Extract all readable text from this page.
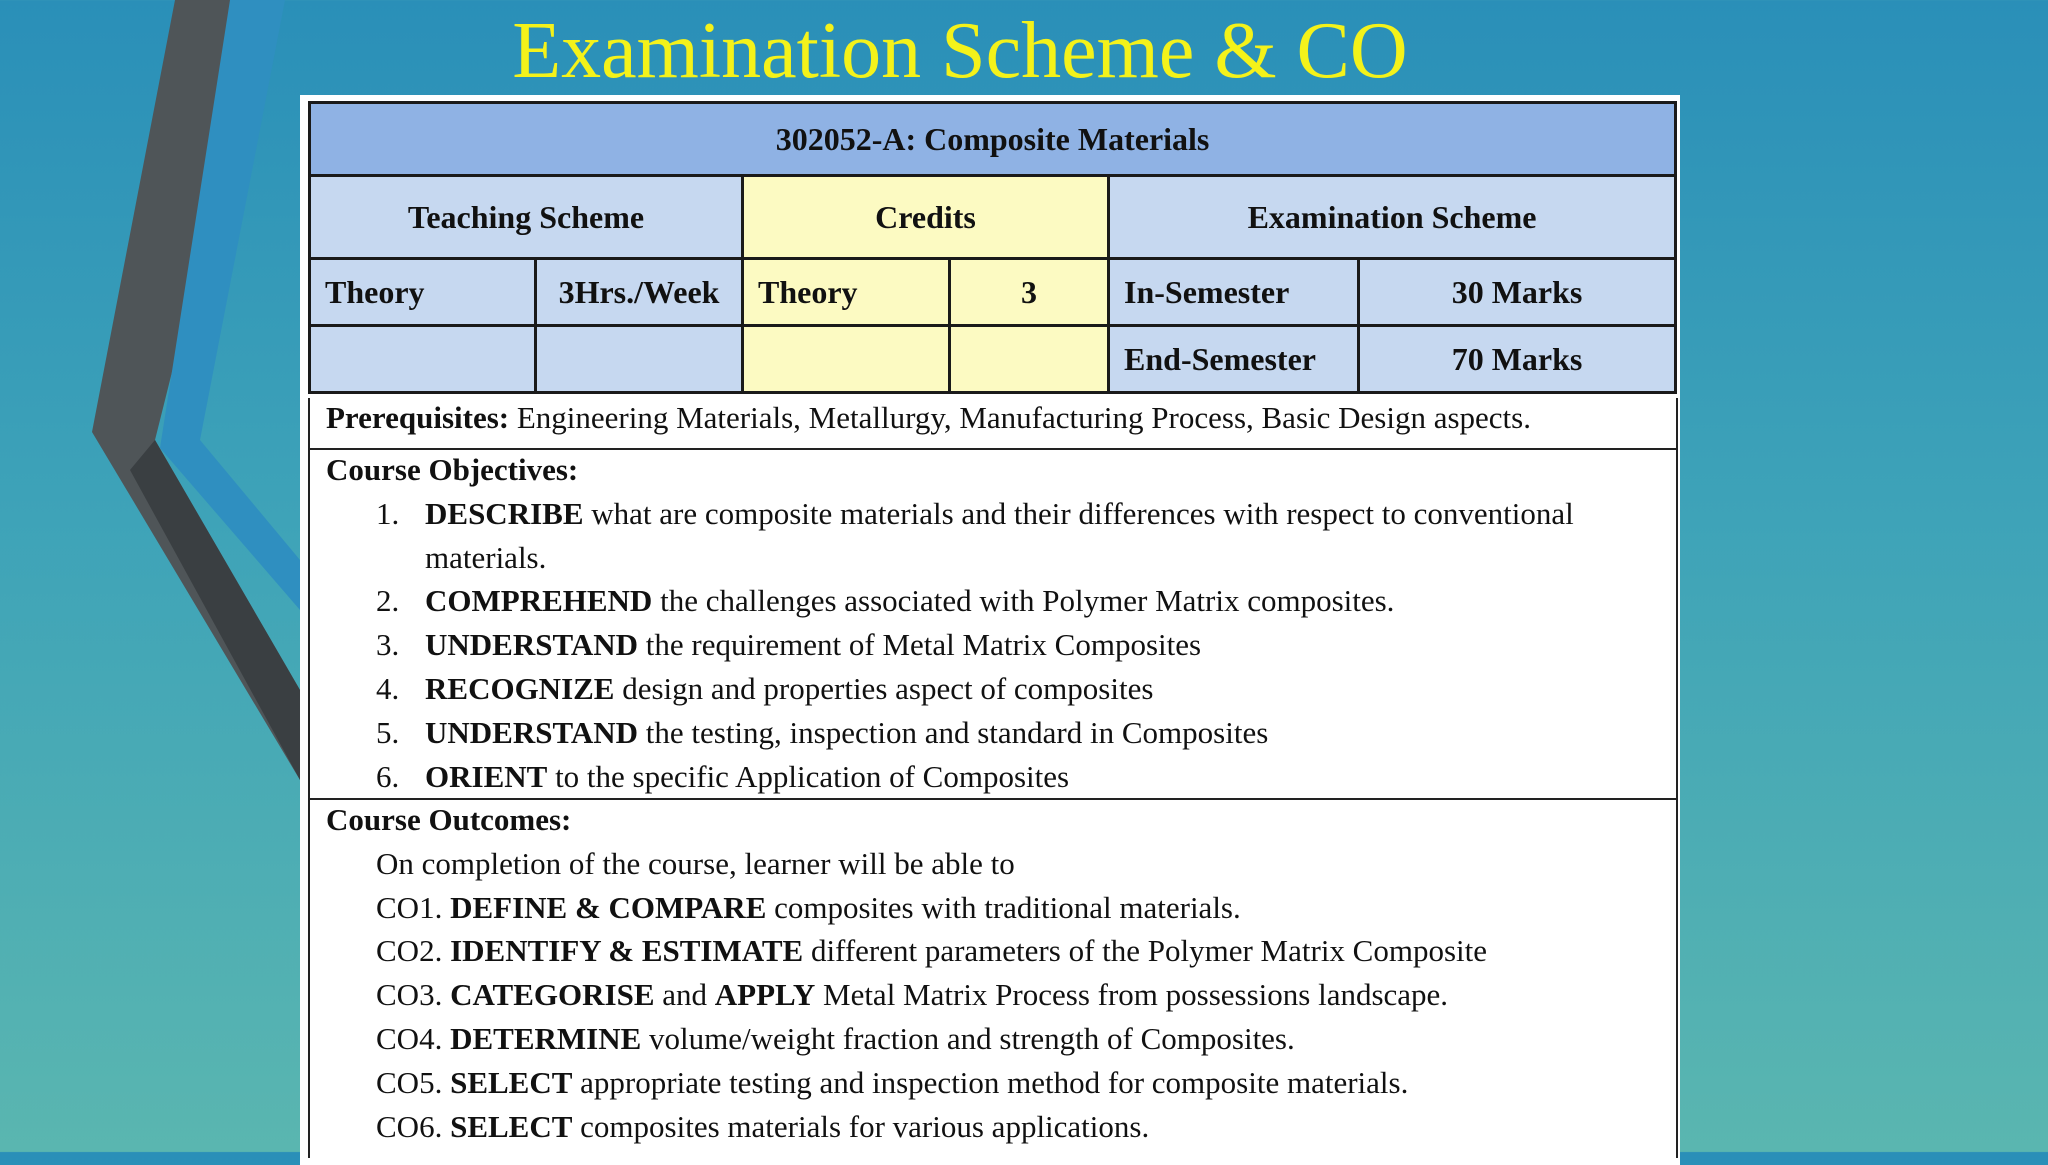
Examination Scheme & CO
302052-A: Composite Materials					
Teaching Scheme		Credits		Examination Scheme	
Theory	3Hrs./Week	Theory	3	In-Semester	30 Marks
				End-Semester	70 Marks
Prerequisites: Engineering Materials, Metallurgy, Manufacturing Process, Basic Design aspects.
Course Objectives:
1. DESCRIBE what are composite materials and their differences with respect to conventional
materials.
2. COMPREHEND the challenges associated with Polymer Matrix composites.
3. UNDERSTAND the requirement of Metal Matrix Composites
4. RECOGNIZE design and properties aspect of composites
5. UNDERSTAND the testing, inspection and standard in Composites
6. ORIENT to the specific Application of Composites
Course Outcomes:
On completion of the course, learner will be able to
CO1. DEFINE & COMPARE composites with traditional materials.
CO2. IDENTIFY & ESTIMATE different parameters of the Polymer Matrix Composite
CO3. CATEGORISE and APPLY Metal Matrix Process from possessions landscape.
CO4. DETERMINE volume/weight fraction and strength of Composites.
CO5. SELECT appropriate testing and inspection method for composite materials.
CO6. SELECT composites materials for various applications.
